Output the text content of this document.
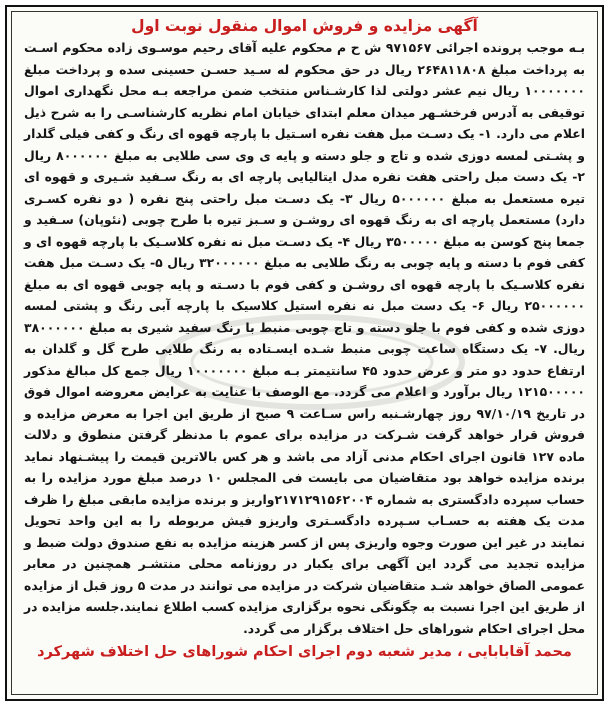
آگهی مزایده و فروش اموال منقول نوبت اول

بـه موجب پرونده اجرائی ۹۷۱۵۶۷ ش ح م محکوم علیه آقای رحیم موسـوی زاده محکوم اسـت به پرداخت مبلغ ۲۶۴۸۱۱۸۰۸ ریال در حق محکوم له سـید حسـن حسینی سده و پرداخت مبلغ ۱۰۰۰۰۰۰۰ ریال نیم عشر دولتی لذا کارشـناس منتخب ضمن مراجعه بـه محل نگهداری اموال توقیفی به آدرس فرخشـهر میدان معلم ابتدای خیابان امام نظریه کارشناسـی را به شرح ذیل اعلام می دارد. ۱- یک دسـت مبل هفت نفره اسـتیل با پارچه قهوه ای رنگ و کفی فیلی گلدار و پشـتی لمسه دوزی شده و تاج و جلو دسته و پایه ی وی سی طلایی به مبلغ ۸۰۰۰۰۰۰ ریال ۲- یک دست مبل راحتی هفت نفره مدل ایتالیایی پارچه ای به رنگ سـفید شـیری و قهوه ای تیره مستعمل به مبلغ ۵۰۰۰۰۰۰ ریال ۳- یک دسـت مبل راحتی پنج نفره ( دو نفره کسـری دارد) مستعمل پارچه ای به رنگ قهوه ای روشـن و سـبز تیره با طرح چوبی (نئوپان) سـفید و جمعا پنج کوسن به مبلغ ۳۵۰۰۰۰۰ ریال ۴- یک دسـت مبل نه نفره کلاسـیک با پارچه قهوه ای و کفی فوم با دسته و پایه چوبی به رنگ طلایی به مبلغ ۳۲۰۰۰۰۰۰ ریال ۵- یک دسـت مبل هفت نفره کلاسـیک با پارچه قهوه ای روشـن و کفی فوم با دسـته و پایه چوبی قهوه ای به مبلغ ۲۵۰۰۰۰۰۰ ریال ۶- یک دست مبل نه نفره استیل کلاسیک با پارچه آبی رنگ و پشتی لمسه دوزی شده و کفی فوم با جلو دسته و تاج چوبی منبط با رنگ سفید شیری به مبلغ ۳۸۰۰۰۰۰۰ ریال. ۷- یک دستگاه ساعت چوبی منبط شـده ایسـتاده به رنگ طلایی طرح گل و گلدان به ارتفاع حدود دو متر و عرض حدود ۴۵ سانتیمتر بـه مبلغ ۱۰۰۰۰۰۰۰ ریال جمع کل مبالغ مذکور ۱۲۱۵۰۰۰۰۰ ریال برآورد و اعلام می گردد. مع الوصف با عنایت به عرایض معروضه اموال فوق در تاریخ ۹۷/۱۰/۱۹ روز چهارشـنبه راس سـاعت ۹ صبح از طریق این اجرا به معرض مزایده و فروش قرار خواهد گرفت شـرکت در مزایده برای عموم با مدنظر گرفتن منطوق و دلالت ماده ۱۲۷ قانون اجرای احکام مدنی آزاد می باشد و هر کس بالاترین قیمت را پیشـنهاد نماید برنده مزایده خواهد بود متقاضیان می بایست فی المجلس ۱۰ درصد مبلغ مورد مزایده را به حساب سپرده دادگستری به شماره ۲۱۷۱۲۹۱۵۶۲۰۰۴واریز و برنده مزایده مابقی مبلغ را ظرف مدت یک هفته به حسـاب سـپرده دادگسـتری واریزو فیش مربوطه را به این واحد تحویل نمایند در غیر این صورت وجوه واریزی پس از کسر هزینه مزایده به نفع صندوق دولت ضبط و مزایده تجدید می گردد این آگهی برای یکبار در روزنامه محلی منتشـر همچنین در معابر عمومی الصاق خواهد شـد متقاضیان شرکت در مزایده می توانند در مدت ۵ روز قبل از مزایده از طریق این اجرا نسبت به چگونگی نحوه برگزاری مزایده کسب اطلاع نمایند.جلسه مزایده در محل اجرای احکام شوراهای حل اختلاف برگزار می گردد.

محمد آقابابایی ، مدیر شعبه دوم اجرای احکام شوراهای حل اختلاف شهرکرد
